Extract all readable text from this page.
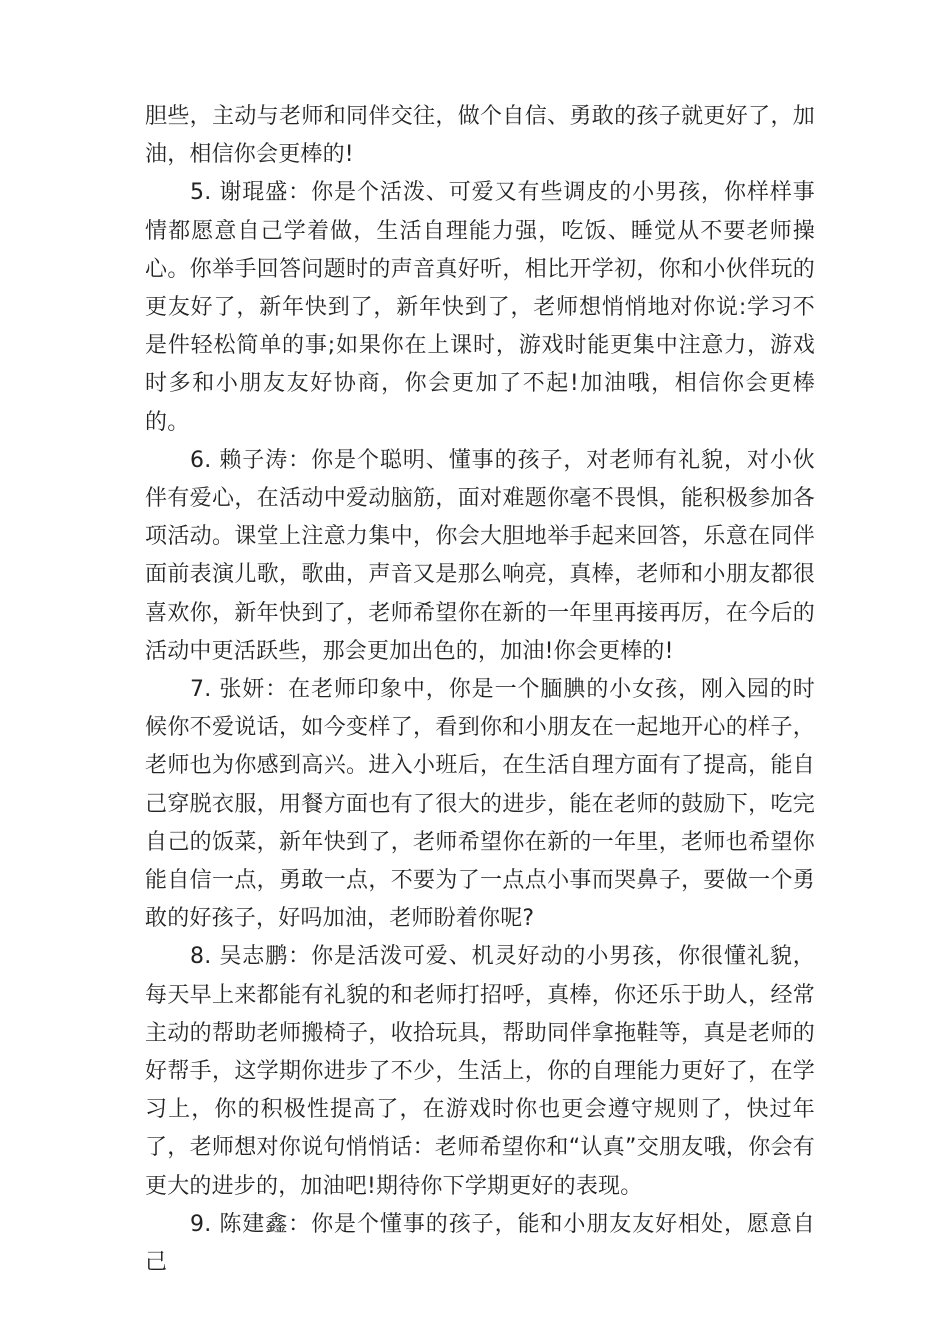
胆些，主动与老师和同伴交往，做个自信、勇敢的孩子就更好了，加油，相信你会更棒的!

5. 谢琨盛：你是个活泼、可爱又有些调皮的小男孩，你样样事情都愿意自己学着做，生活自理能力强，吃饭、睡觉从不要老师操心。你举手回答问题时的声音真好听，相比开学初，你和小伙伴玩的更友好了，新年快到了，新年快到了，老师想悄悄地对你说:学习不是件轻松简单的事;如果你在上课时，游戏时能更集中注意力，游戏时多和小朋友友好协商，你会更加了不起!加油哦，相信你会更棒的。

6. 赖子涛：你是个聪明、懂事的孩子，对老师有礼貌，对小伙伴有爱心，在活动中爱动脑筋，面对难题你毫不畏惧，能积极参加各项活动。课堂上注意力集中，你会大胆地举手起来回答，乐意在同伴面前表演儿歌，歌曲，声音又是那么响亮，真棒，老师和小朋友都很喜欢你，新年快到了，老师希望你在新的一年里再接再厉，在今后的活动中更活跃些，那会更加出色的，加油!你会更棒的!

7. 张妍：在老师印象中，你是一个腼腆的小女孩，刚入园的时候你不爱说话，如今变样了，看到你和小朋友在一起地开心的样子，老师也为你感到高兴。进入小班后，在生活自理方面有了提高，能自己穿脱衣服，用餐方面也有了很大的进步，能在老师的鼓励下，吃完自己的饭菜，新年快到了，老师希望你在新的一年里，老师也希望你能自信一点，勇敢一点，不要为了一点点小事而哭鼻子，要做一个勇敢的好孩子，好吗加油，老师盼着你呢?

8. 吴志鹏：你是活泼可爱、机灵好动的小男孩，你很懂礼貌，每天早上来都能有礼貌的和老师打招呼，真棒，你还乐于助人，经常主动的帮助老师搬椅子，收拾玩具，帮助同伴拿拖鞋等，真是老师的好帮手，这学期你进步了不少，生活上，你的自理能力更好了，在学习上，你的积极性提高了，在游戏时你也更会遵守规则了，快过年了，老师想对你说句悄悄话：老师希望你和“认真”交朋友哦，你会有更大的进步的，加油吧!期待你下学期更好的表现。

9. 陈建鑫：你是个懂事的孩子，能和小朋友友好相处，愿意自己
